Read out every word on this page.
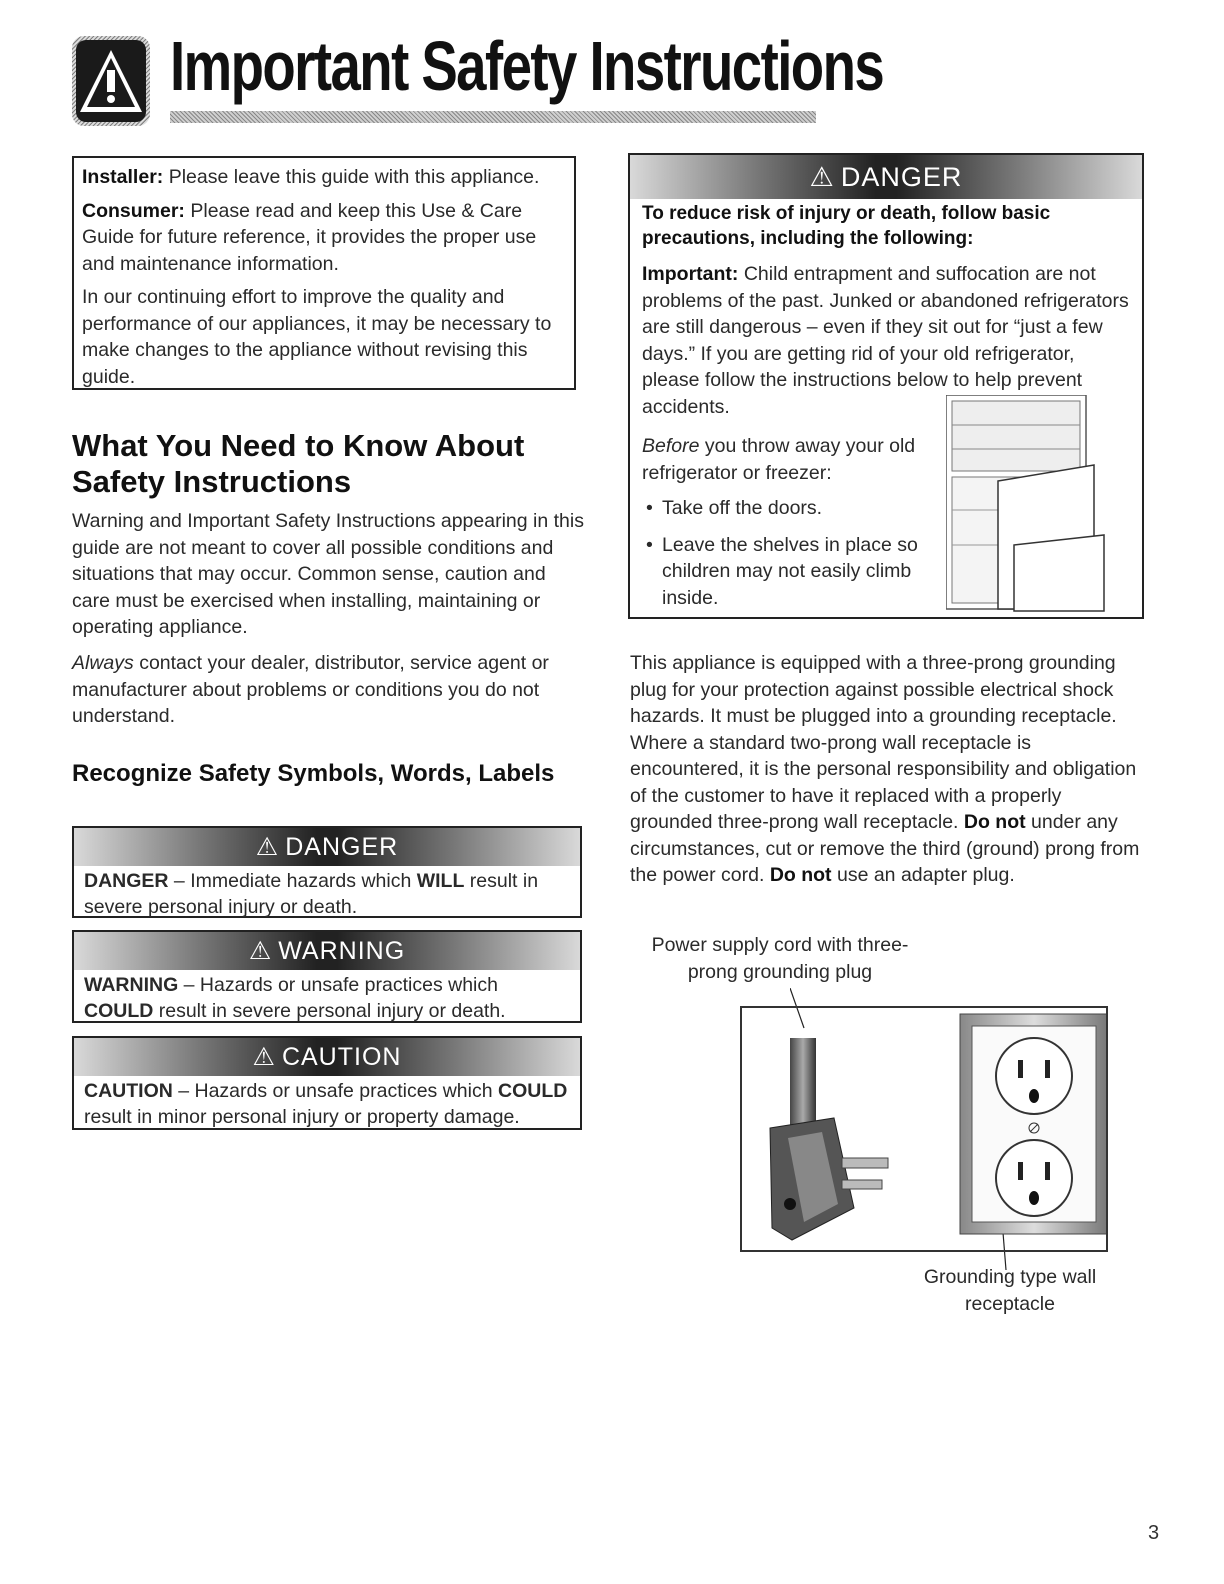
Important Safety Instructions

Installer: Please leave this guide with this appliance.

Consumer: Please read and keep this Use & Care Guide for future reference, it provides the proper use and maintenance information.

In our continuing effort to improve the quality and performance of our appliances, it may be necessary to make changes to the appliance without revising this guide.

What You Need to Know About Safety Instructions
Warning and Important Safety Instructions appearing in this guide are not meant to cover all possible conditions and situations that may occur. Common sense, caution and care must be exercised when installing, maintaining or operating appliance.
Always contact your dealer, distributor, service agent or manufacturer about problems or conditions you do not understand.
Recognize Safety Symbols, Words, Labels
⚠ DANGER
DANGER – Immediate hazards which WILL result in severe personal injury or death.
⚠ WARNING
WARNING – Hazards or unsafe practices which COULD result in severe personal injury or death.
⚠ CAUTION
CAUTION – Hazards or unsafe practices which COULD result in minor personal injury or property damage.
⚠ DANGER
To reduce risk of injury or death, follow basic precautions, including the following:
Important: Child entrapment and suffocation are not problems of the past. Junked or abandoned refrigerators are still dangerous – even if they sit out for “just a few days.” If you are getting rid of your old refrigerator, please follow the instructions below to help prevent accidents.
Before you throw away your old refrigerator or freezer:
• Take off the doors.
• Leave the shelves in place so children may not easily climb inside.
This appliance is equipped with a three-prong grounding plug for your protection against possible electrical shock hazards. It must be plugged into a grounding receptacle. Where a standard two-prong wall receptacle is encountered, it is the personal responsibility and obligation of the customer to have it replaced with a properly grounded three-prong wall receptacle. Do not under any circumstances, cut or remove the third (ground) prong from the power cord. Do not use an adapter plug.
Power supply cord with three-prong grounding plug
Grounding type wall receptacle
3
